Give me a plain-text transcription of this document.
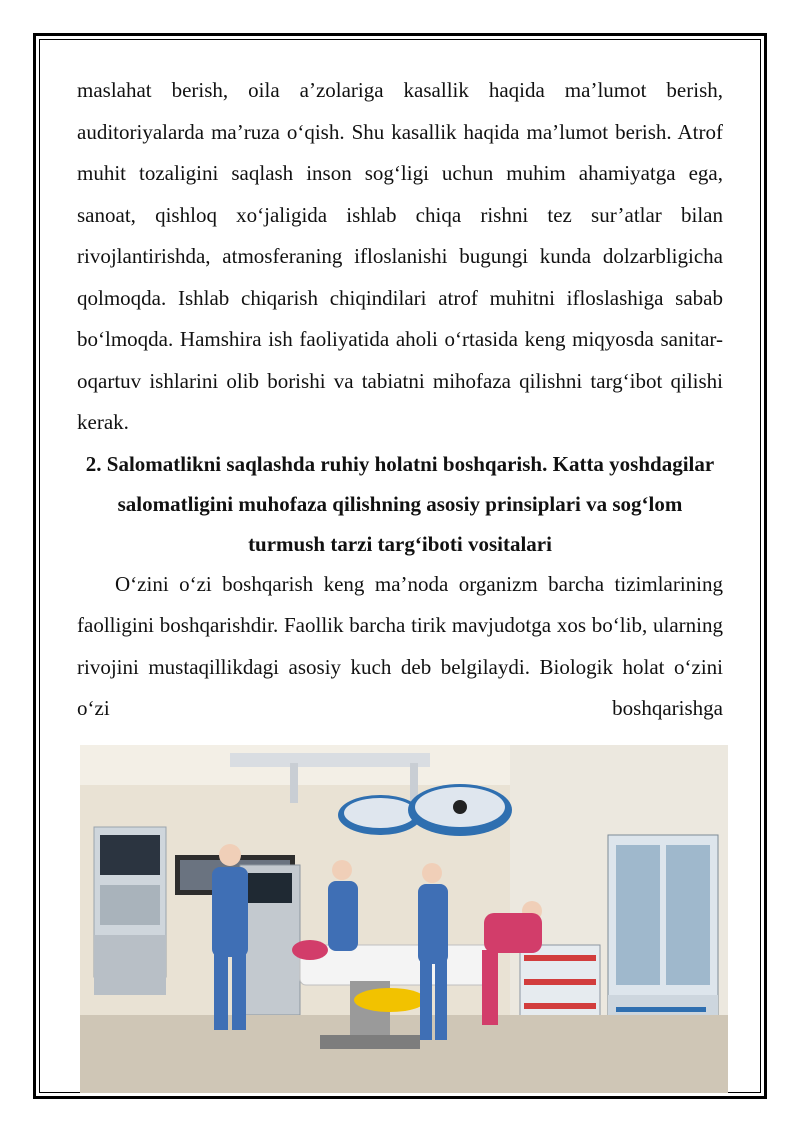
maslahat berish, oila a’zolariga kasallik haqida ma’lumot berish, auditoriyalarda ma’ruza o‘qish. Shu kasallik haqida ma’lumot berish. Atrof muhit tozaligini saqlash inson sog‘ligi uchun muhim ahamiyatga ega, sanoat, qishloq xo‘jaligida ishlab chiqa rishni tez sur’atlar bilan rivojlantirishda, atmosferaning ifloslanishi bugungi kunda dolzarbligicha qolmoqda. Ishlab chiqarish chiqindilari atrof muhitni ifloslashiga sabab bo‘lmoqda. Hamshira ish faoliyatida aholi o‘rtasida keng miqyosda sanitar-oqartuv ishlarini olib borishi va tabiatni mihofaza qilishni targ‘ibot qilishi kerak.

2. Salomatlikni saqlashda ruhiy holatni boshqarish. Katta yoshdagilar salomatligini muhofaza qilishning asosiy prinsiplari va sog‘lom turmush tarzi targ‘iboti vositalari

O‘zini o‘zi boshqarish keng ma’noda organizm barcha tizimlarining faolligini boshqarishdir. Faollik barcha tirik mavjudotga xos bo‘lib, ularning rivojini mustaqillikdagi asosiy kuch deb belgilaydi. Biologik holat o‘zini o‘zi boshqarishga
